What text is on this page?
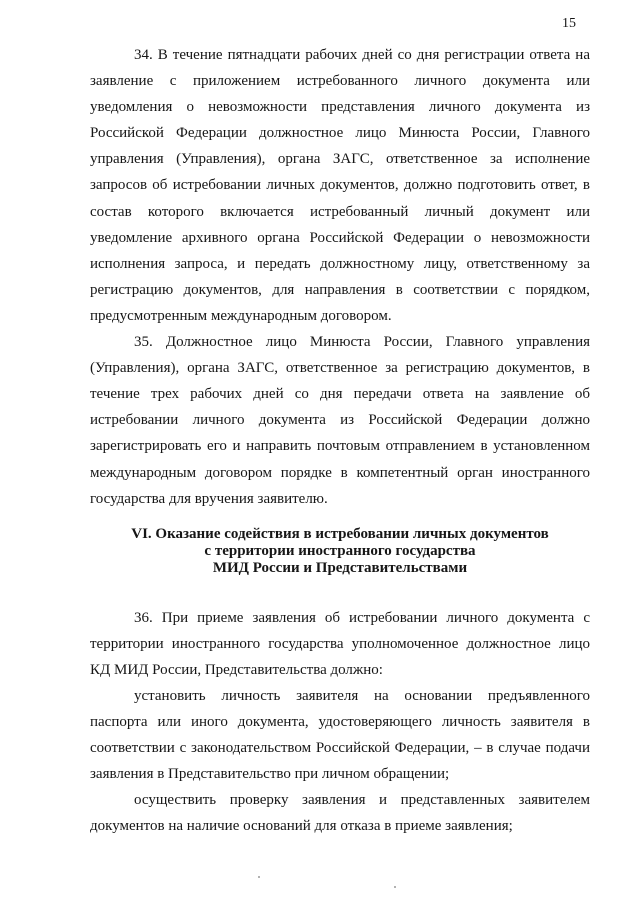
15

34. В течение пятнадцати рабочих дней со дня регистрации ответа на заявление с приложением истребованного личного документа или уведомления о невозможности представления личного документа из Российской Федерации должностное лицо Минюста России, Главного управления (Управления), органа ЗАГС, ответственное за исполнение запросов об истребовании личных документов, должно подготовить ответ, в состав которого включается истребованный личный документ или уведомление архивного органа Российской Федерации о невозможности исполнения запроса, и передать должностному лицу, ответственному за регистрацию документов, для направления в соответствии с порядком, предусмотренным международным договором.

35. Должностное лицо Минюста России, Главного управления (Управления), органа ЗАГС, ответственное за регистрацию документов, в течение трех рабочих дней со дня передачи ответа на заявление об истребовании личного документа из Российской Федерации должно зарегистрировать его и направить почтовым отправлением в установленном международным договором порядке в компетентный орган иностранного государства для вручения заявителю.

VI. Оказание содействия в истребовании личных документов
с территории иностранного государства
МИД России и Представительствами

36. При приеме заявления об истребовании личного документа с территории иностранного государства уполномоченное должностное лицо КД МИД России, Представительства должно:

установить личность заявителя на основании предъявленного паспорта или иного документа, удостоверяющего личность заявителя в соответствии с законодательством Российской Федерации, – в случае подачи заявления в Представительство при личном обращении;

осуществить проверку заявления и представленных заявителем документов на наличие оснований для отказа в приеме заявления;
